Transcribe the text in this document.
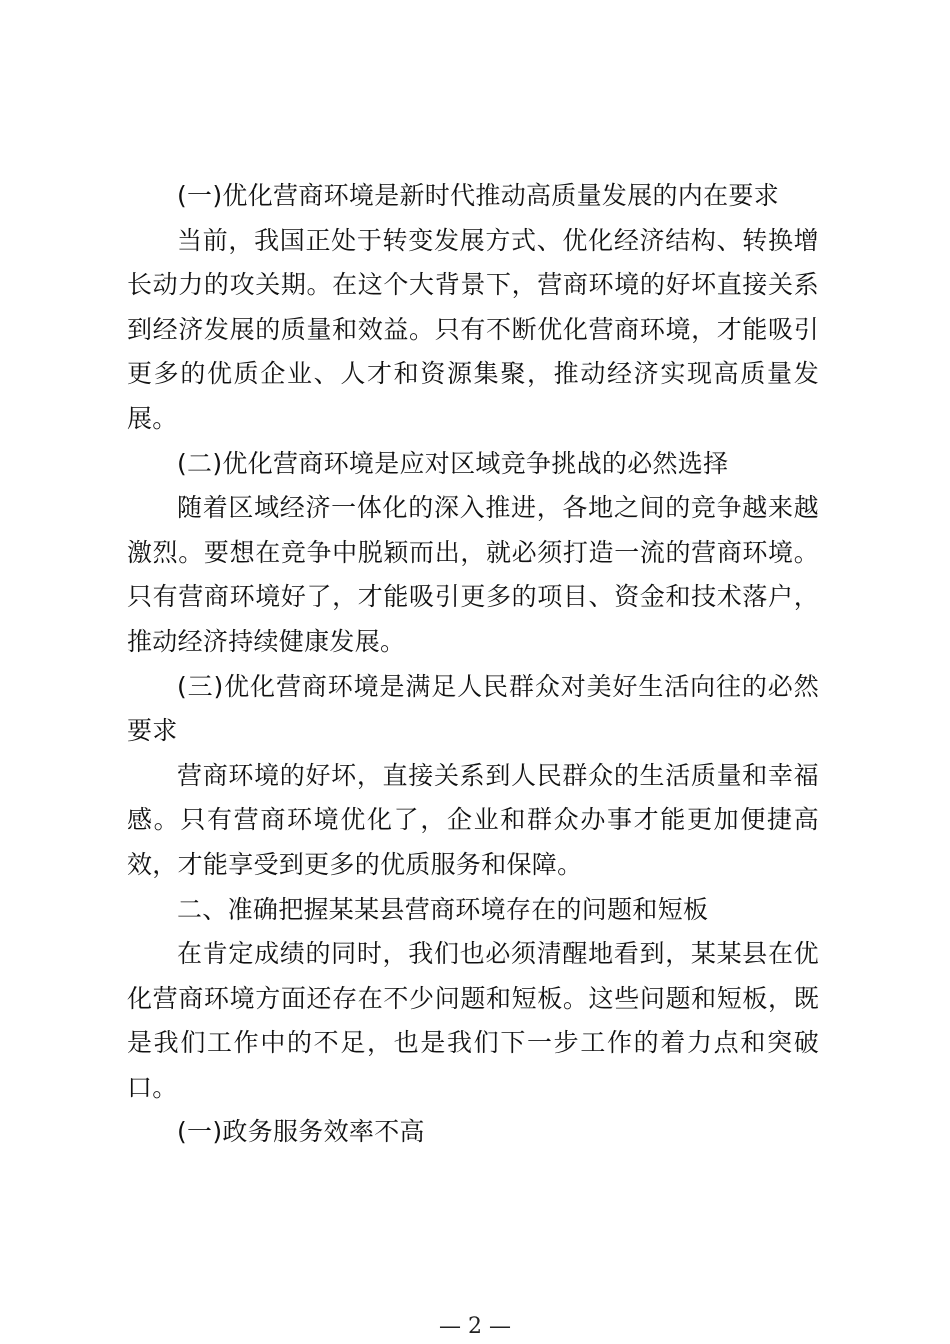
(一)优化营商环境是新时代推动高质量发展的内在要求

当前，我国正处于转变发展方式、优化经济结构、转换增长动力的攻关期。在这个大背景下，营商环境的好坏直接关系到经济发展的质量和效益。只有不断优化营商环境，才能吸引更多的优质企业、人才和资源集聚，推动经济实现高质量发展。

(二)优化营商环境是应对区域竞争挑战的必然选择

随着区域经济一体化的深入推进，各地之间的竞争越来越激烈。要想在竞争中脱颖而出，就必须打造一流的营商环境。只有营商环境好了，才能吸引更多的项目、资金和技术落户，推动经济持续健康发展。

(三)优化营商环境是满足人民群众对美好生活向往的必然要求

营商环境的好坏，直接关系到人民群众的生活质量和幸福感。只有营商环境优化了，企业和群众办事才能更加便捷高效，才能享受到更多的优质服务和保障。

二、准确把握某某县营商环境存在的问题和短板

在肯定成绩的同时，我们也必须清醒地看到，某某县在优化营商环境方面还存在不少问题和短板。这些问题和短板，既是我们工作中的不足，也是我们下一步工作的着力点和突破口。

(一)政务服务效率不高

— 2 —
